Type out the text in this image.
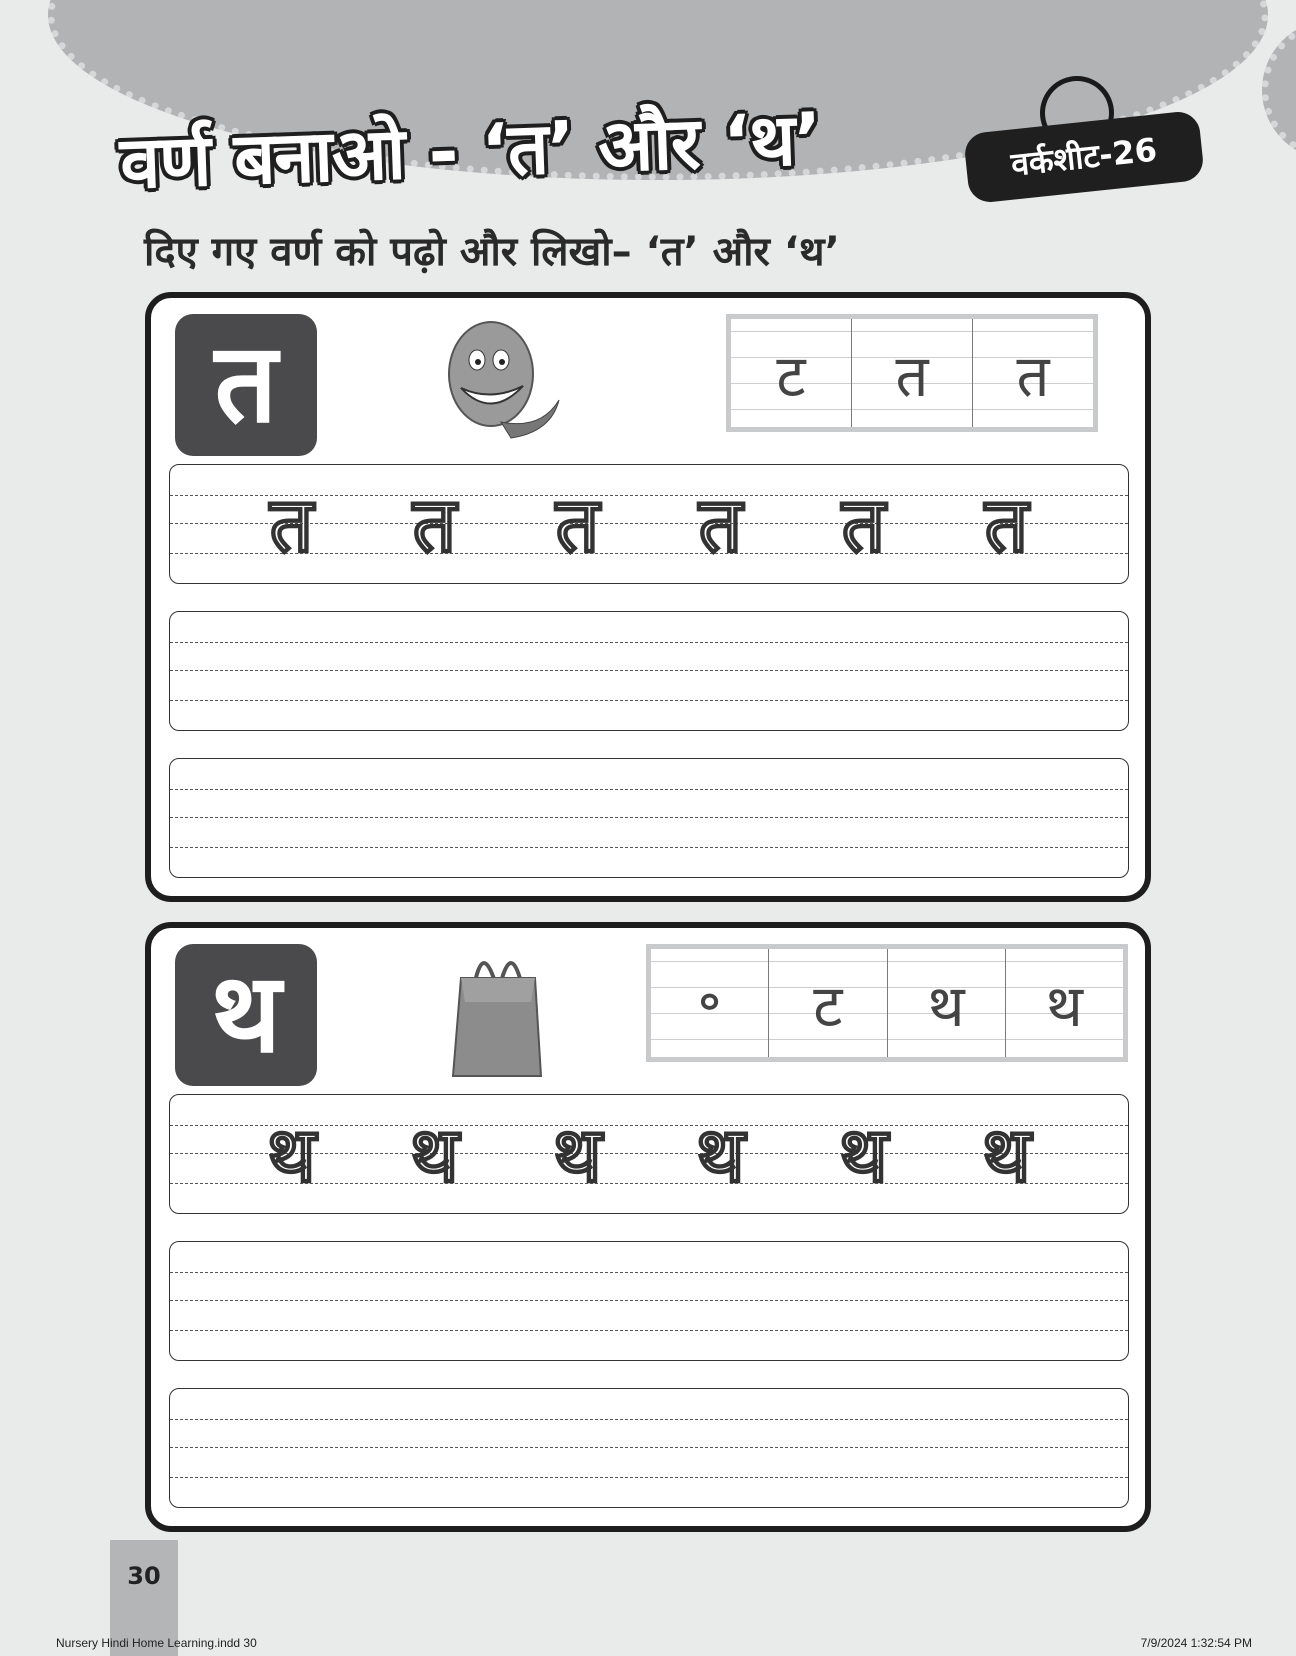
वर्ण बनाओ - ‘त’ और ‘थ’	वर्कशीट-26
दिए गए वर्ण को पढ़ो और लिखो– ‘त’ और ‘थ’
त	ट	त	त
त त त त त त
थ	॰	ट	थ	थ
थ थ थ थ थ थ
30
Nursery Hindi Home Learning.indd 30	7/9/2024 1:32:54 PM
